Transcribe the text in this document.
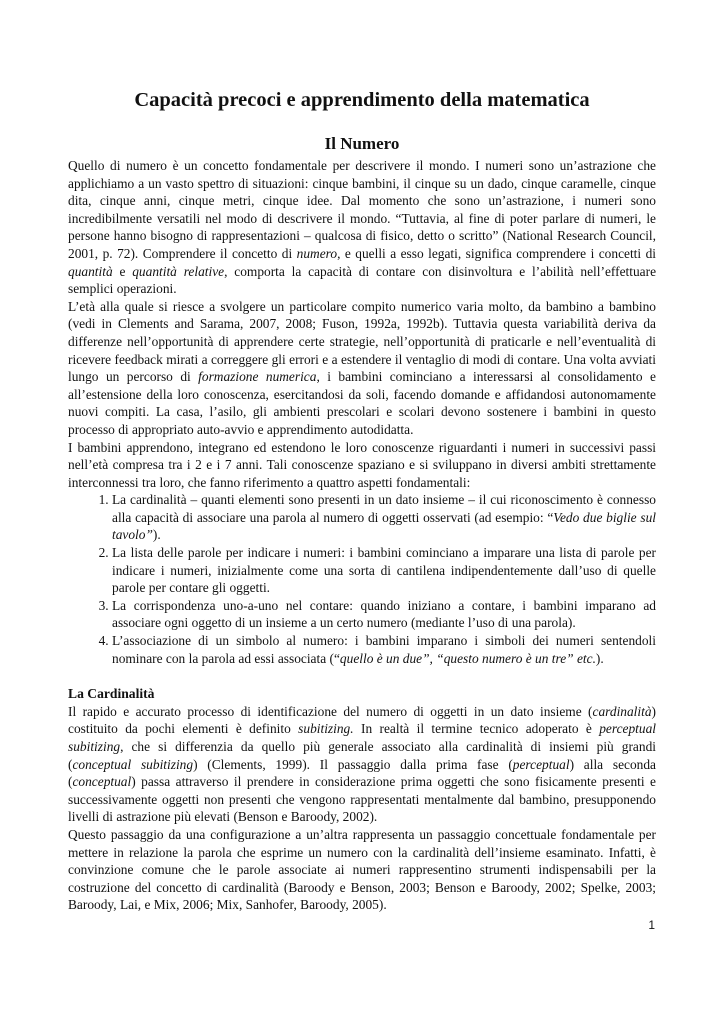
Capacità precoci e apprendimento della matematica
Il Numero

Quello di numero è un concetto fondamentale per descrivere il mondo. I numeri sono un’astrazione che applichiamo a un vasto spettro di situazioni: cinque bambini, il cinque su un dado, cinque caramelle, cinque dita, cinque anni, cinque metri, cinque idee. Dal momento che sono un’astrazione, i numeri sono incredibilmente versatili nel modo di descrivere il mondo. “Tuttavia, al fine di poter parlare di numeri, le persone hanno bisogno di rappresentazioni – qualcosa di fisico, detto o scritto” (National Research Council, 2001, p. 72). Comprendere il concetto di numero, e quelli a esso legati, significa comprendere i concetti di quantità e quantità relative, comporta la capacità di contare con disinvoltura e l’abilità nell’effettuare semplici operazioni.

L’età alla quale si riesce a svolgere un particolare compito numerico varia molto, da bambino a bambino (vedi in Clements and Sarama, 2007, 2008; Fuson, 1992a, 1992b). Tuttavia questa variabilità deriva da differenze nell’opportunità di apprendere certe strategie, nell’opportunità di praticarle e nell’eventualità di ricevere feedback mirati a correggere gli errori e a estendere il ventaglio di modi di contare. Una volta avviati lungo un percorso di formazione numerica, i bambini cominciano a interessarsi al consolidamento e all’estensione della loro conoscenza, esercitandosi da soli, facendo domande e affidandosi autonomamente nuovi compiti. La casa, l’asilo, gli ambienti prescolari e scolari devono sostenere i bambini in questo processo di appropriato auto-avvio e apprendimento autodidatta.

I bambini apprendono, integrano ed estendono le loro conoscenze riguardanti i numeri in successivi passi nell’età compresa tra i 2 e i 7 anni. Tali conoscenze spaziano e si sviluppano in diversi ambiti strettamente interconnessi tra loro, che fanno riferimento a quattro aspetti fondamentali:

1. La cardinalità – quanti elementi sono presenti in un dato insieme – il cui riconoscimento è connesso alla capacità di associare una parola al numero di oggetti osservati (ad esempio: “Vedo due biglie sul tavolo”).
2. La lista delle parole per indicare i numeri: i bambini cominciano a imparare una lista di parole per indicare i numeri, inizialmente come una sorta di cantilena indipendentemente dall’uso di quelle parole per contare gli oggetti.
3. La corrispondenza uno-a-uno nel contare: quando iniziano a contare, i bambini imparano ad associare ogni oggetto di un insieme a un certo numero (mediante l’uso di una parola).
4. L’associazione di un simbolo al numero: i bambini imparano i simboli dei numeri sentendoli nominare con la parola ad essi associata (“quello è un due”, “questo numero è un tre” etc.).
La Cardinalità

Il rapido e accurato processo di identificazione del numero di oggetti in un dato insieme (cardinalità) costituito da pochi elementi è definito subitizing. In realtà il termine tecnico adoperato è perceptual subitizing, che si differenzia da quello più generale associato alla cardinalità di insiemi più grandi (conceptual subitizing) (Clements, 1999). Il passaggio dalla prima fase (perceptual) alla seconda (conceptual) passa attraverso il prendere in considerazione prima oggetti che sono fisicamente presenti e successivamente oggetti non presenti che vengono rappresentati mentalmente dal bambino, presupponendo livelli di astrazione più elevati (Benson e Baroody, 2002).

Questo passaggio da una configurazione a un’altra rappresenta un passaggio concettuale fondamentale per mettere in relazione la parola che esprime un numero con la cardinalità dell’insieme esaminato. Infatti, è convinzione comune che le parole associate ai numeri rappresentino strumenti indispensabili per la costruzione del concetto di cardinalità (Baroody e Benson, 2003; Benson e Baroody, 2002; Spelke, 2003; Baroody, Lai, e Mix, 2006; Mix, Sanhofer, Baroody, 2005).

1
